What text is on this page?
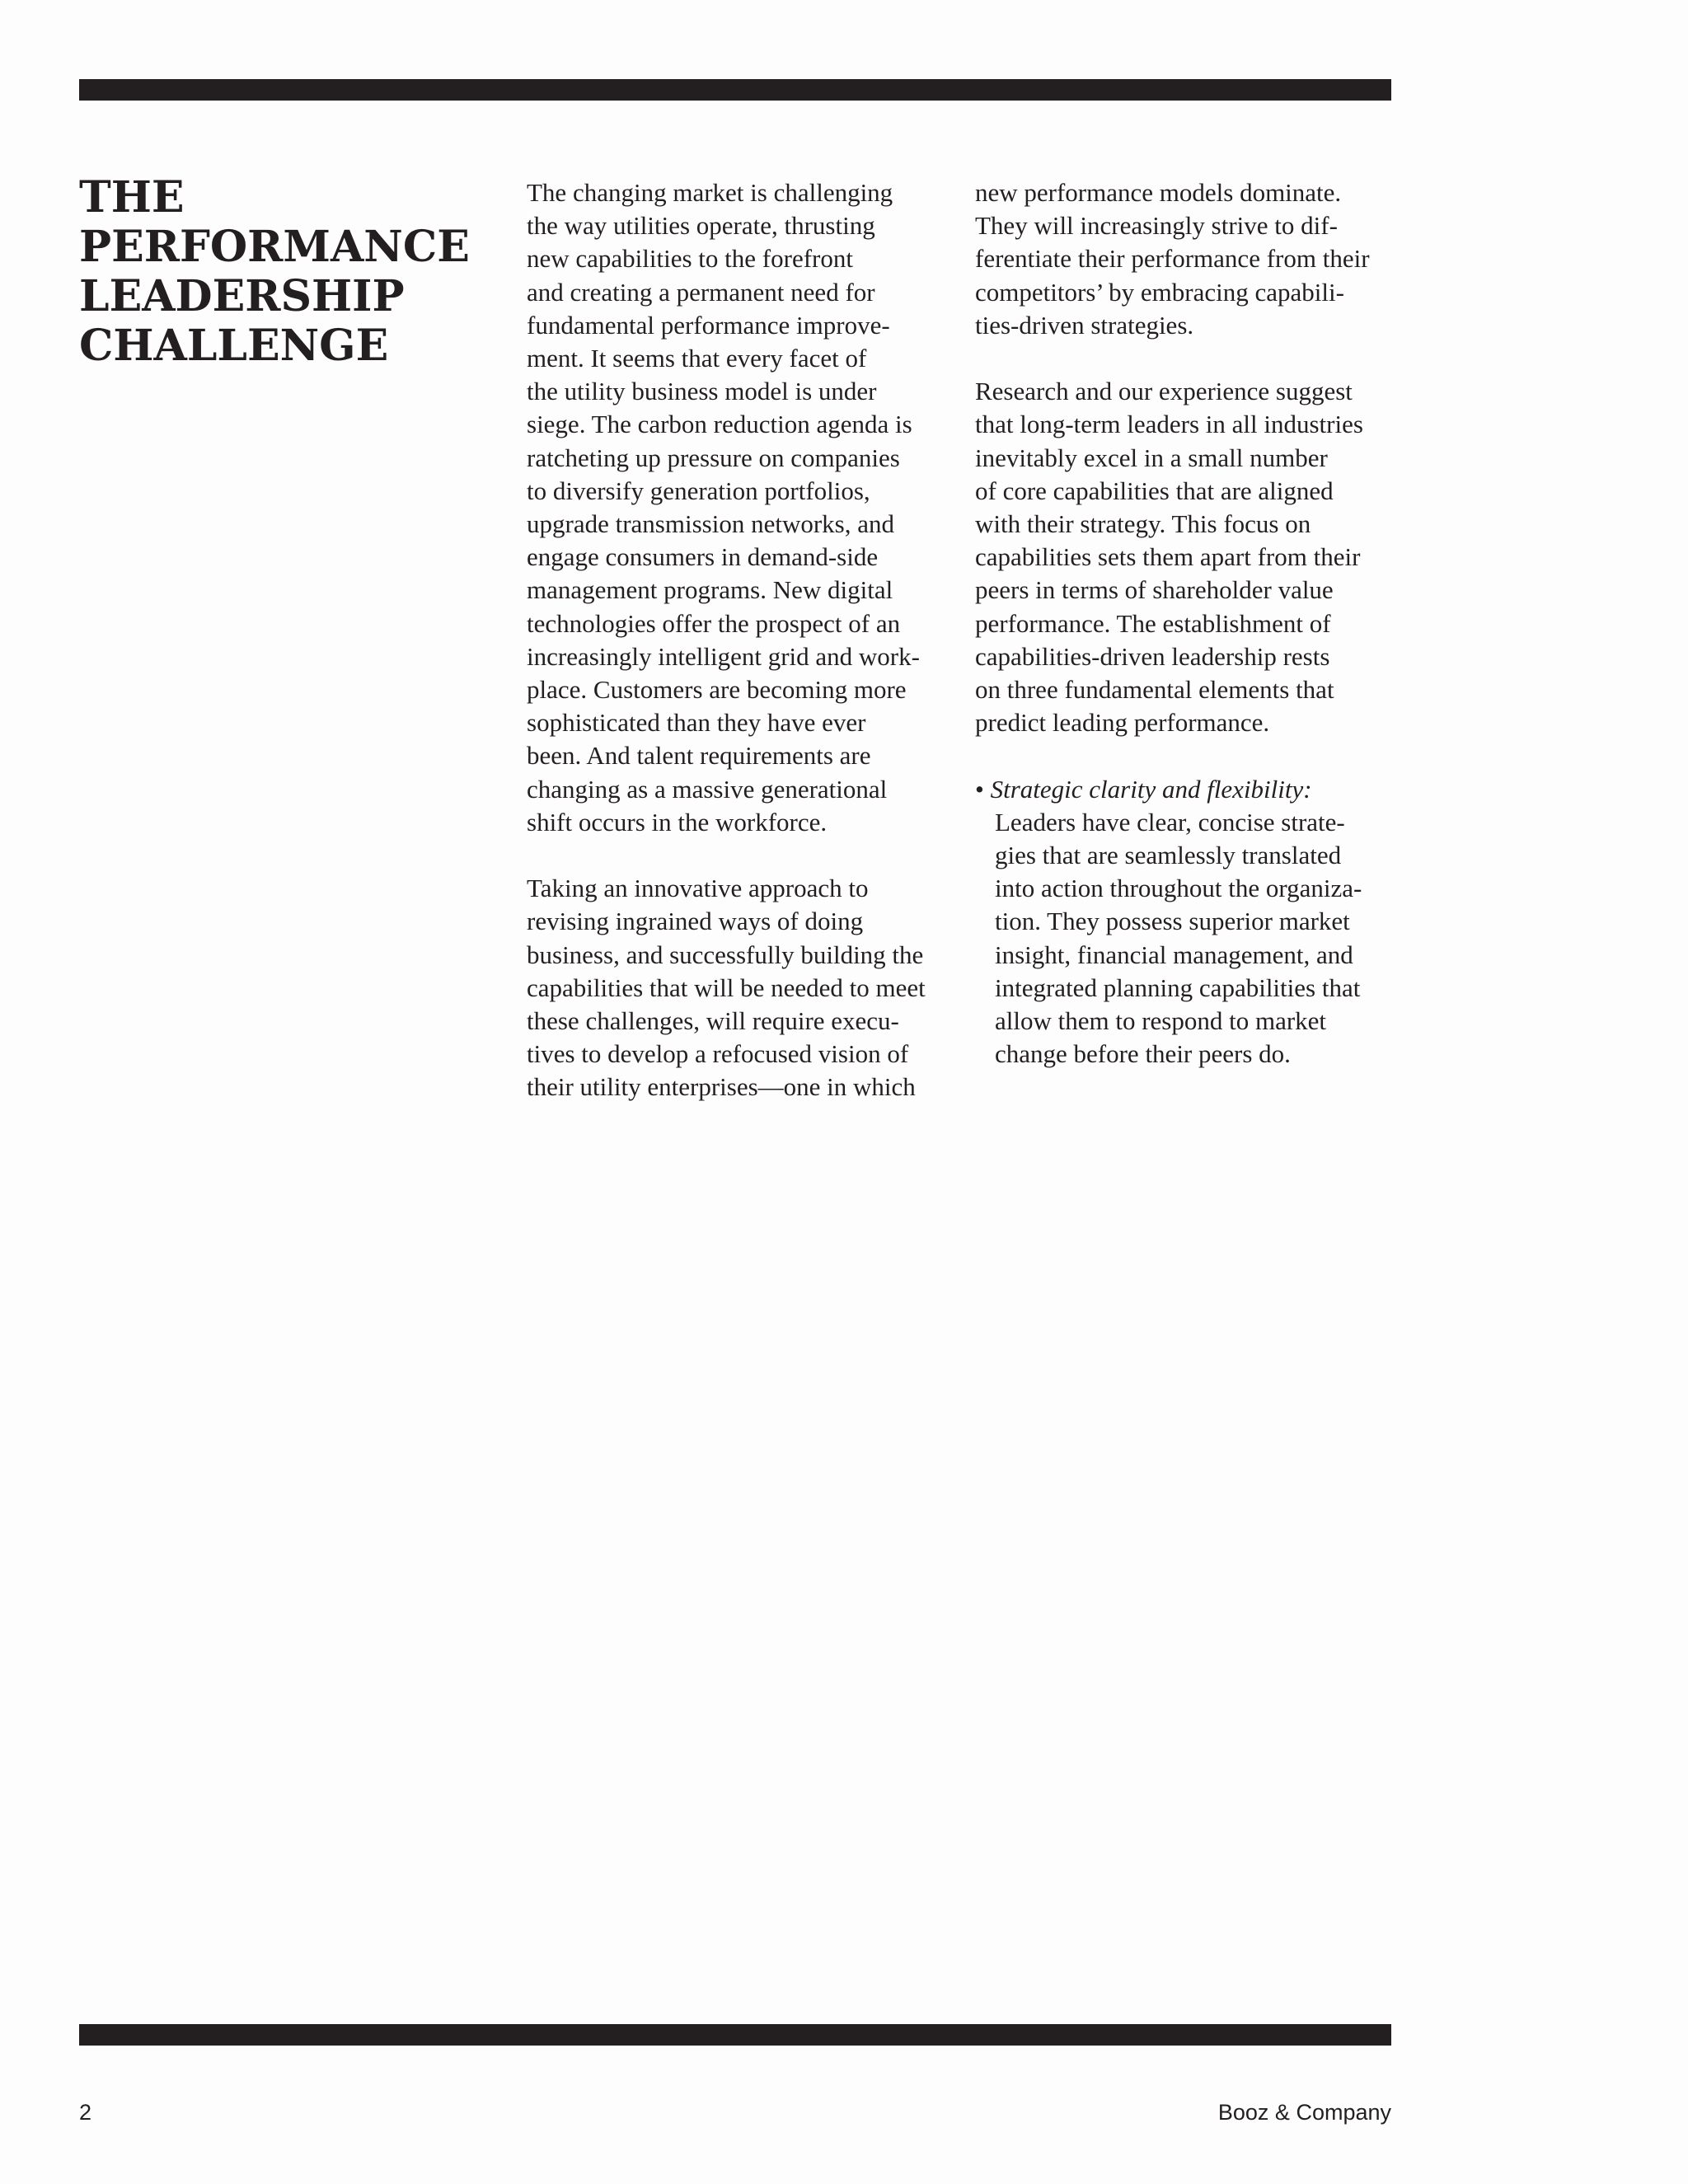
THE
PERFORMANCE
LEADERSHIP
CHALLENGE
The changing market is challenging
the way utilities operate, thrusting
new capabilities to the forefront
and creating a permanent need for
fundamental performance improve-
ment. It seems that every facet of
the utility business model is under
siege. The carbon reduction agenda is
ratcheting up pressure on companies
to diversify generation portfolios,
upgrade transmission networks, and
engage consumers in demand-side
management programs. New digital
technologies offer the prospect of an
increasingly intelligent grid and work-
place. Customers are becoming more
sophisticated than they have ever
been. And talent requirements are
changing as a massive generational
shift occurs in the workforce.
Taking an innovative approach to
revising ingrained ways of doing
business, and successfully building the
capabilities that will be needed to meet
these challenges, will require execu-
tives to develop a refocused vision of
their utility enterprises—one in which
new performance models dominate.
They will increasingly strive to dif-
ferentiate their performance from their
competitors’ by embracing capabili-
ties-driven strategies.
Research and our experience suggest
that long-term leaders in all industries
inevitably excel in a small number
of core capabilities that are aligned
with their strategy. This focus on
capabilities sets them apart from their
peers in terms of shareholder value
performance. The establishment of
capabilities-driven leadership rests
on three fundamental elements that
predict leading performance.
• Strategic clarity and flexibility:
Leaders have clear, concise strate-
gies that are seamlessly translated
into action throughout the organiza-
tion. They possess superior market
insight, financial management, and
integrated planning capabilities that
allow them to respond to market
change before their peers do.
2	Booz & Company
